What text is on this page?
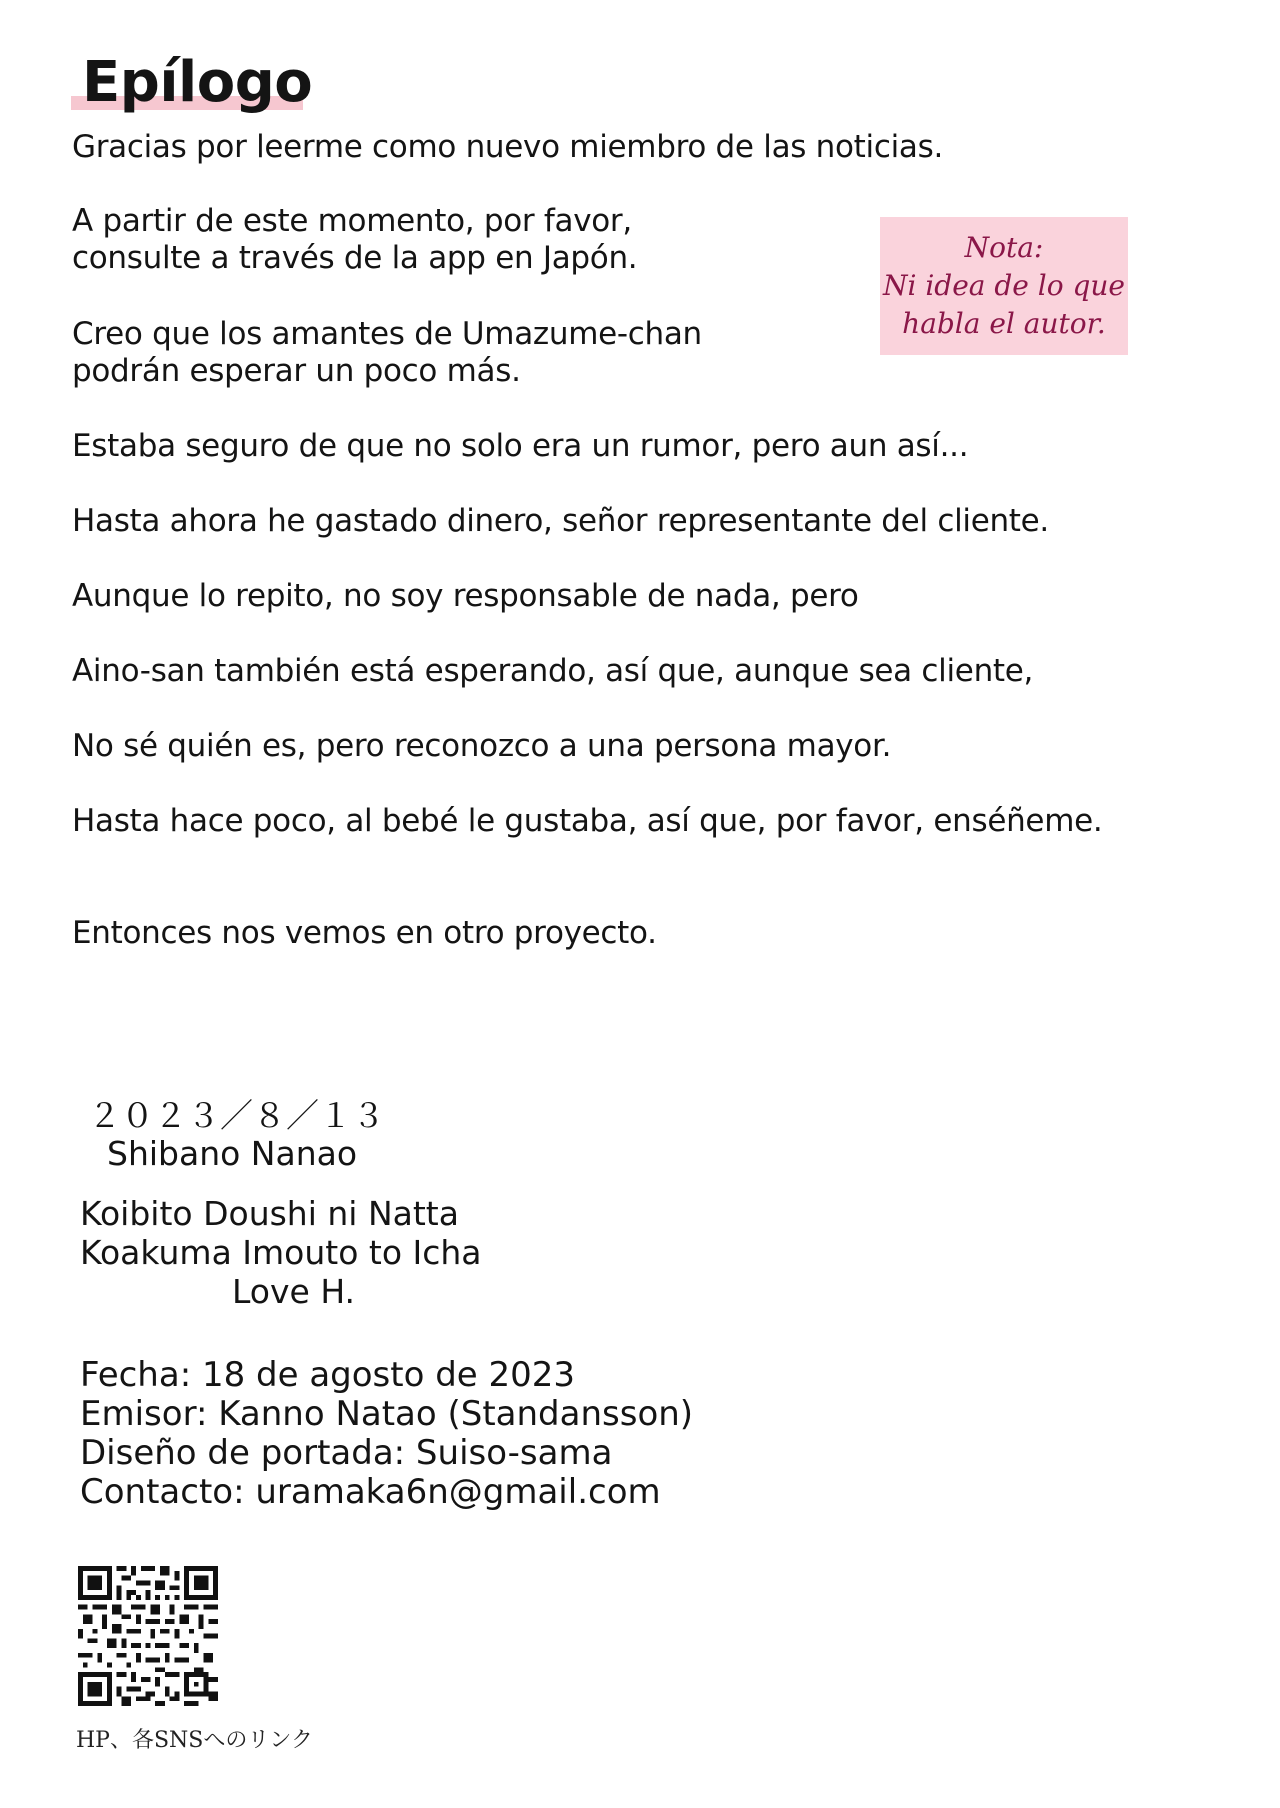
Epílogo

Gracias por leerme como nuevo miembro de las noticias.

A partir de este momento, por favor,

consulte a través de la app en Japón.

Creo que los amantes de Umazume-chan

podrán esperar un poco más.

Estaba seguro de que no solo era un rumor, pero aun así...

Hasta ahora he gastado dinero, señor representante del cliente.

Aunque lo repito, no soy responsable de nada, pero

Aino-san también está esperando, así que, aunque sea cliente,

No sé quién es, pero reconozco a una persona mayor.

Hasta hace poco, al bebé le gustaba, así que, por favor, enséñeme.

Entonces nos vemos en otro proyecto.

Nota:
Ni idea de lo que
habla el autor.

２０２３／８／１３

Shibano Nanao

Koibito Doushi ni Natta
Koakuma Imouto to Icha
Love H.
Fecha: 18 de agosto de 2023
Emisor: Kanno Natao (Standansson)
Diseño de portada: Suiso-sama
Contacto: uramaka6n@gmail.com

HP、各SNSへのリンク
